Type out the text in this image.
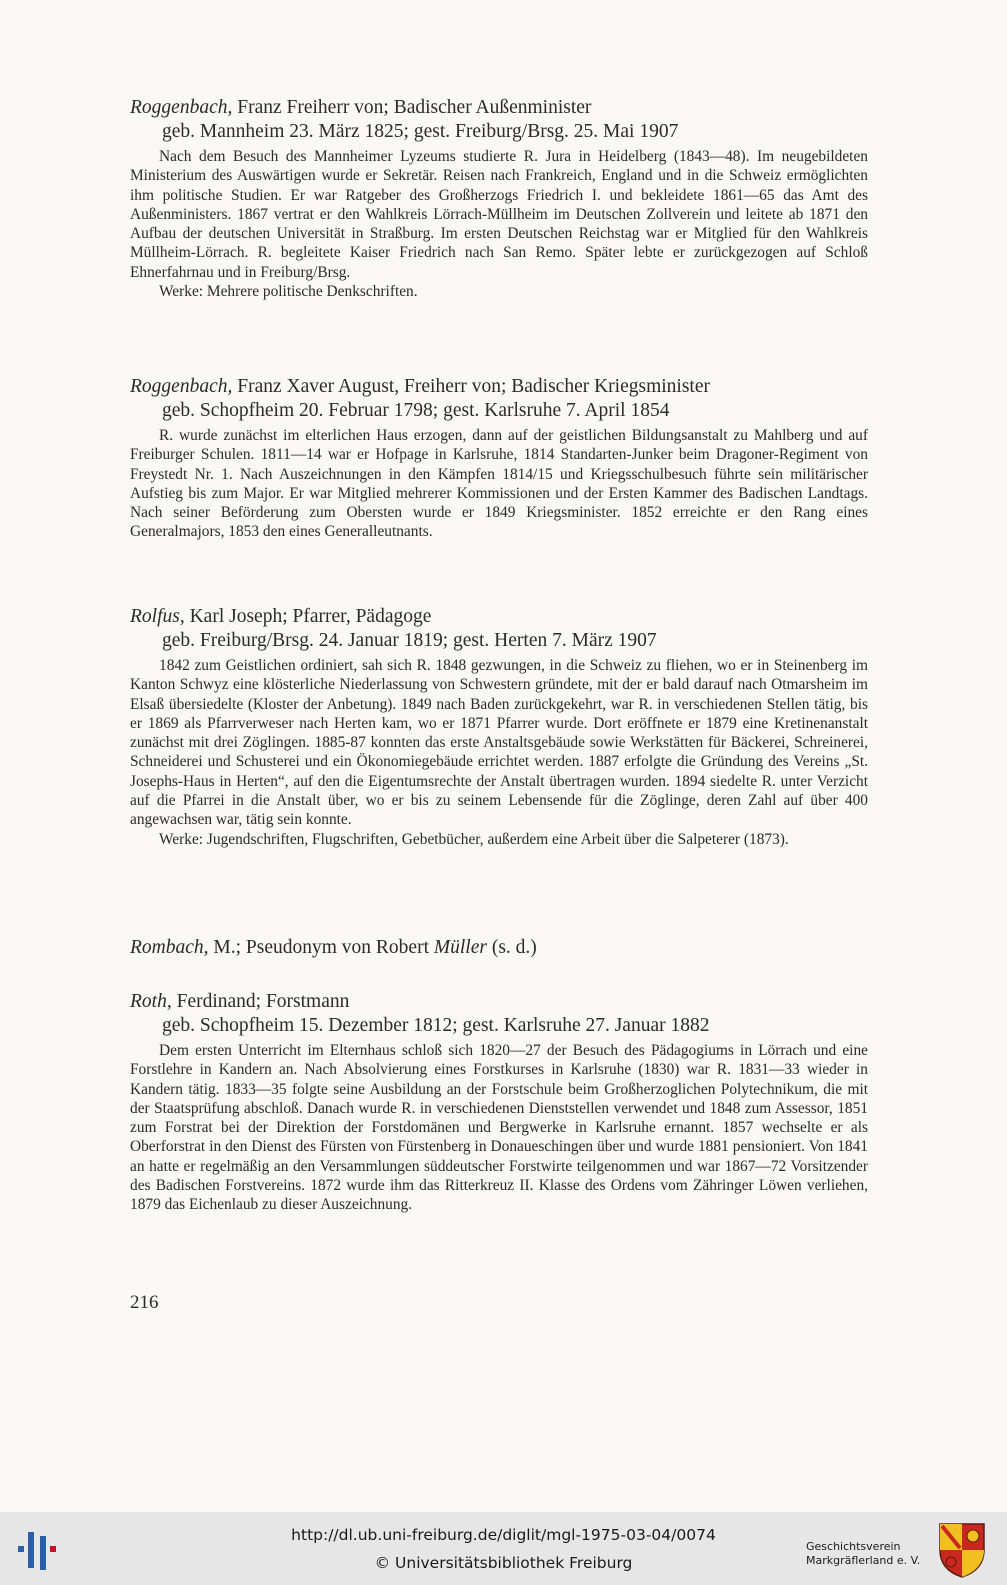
Roggenbach, Franz Freiherr von; Badischer Außenminister

geb. Mannheim 23. März 1825; gest. Freiburg/Brsg. 25. Mai 1907

Nach dem Besuch des Mannheimer Lyzeums studierte R. Jura in Heidelberg (1843—48). Im neugebildeten Ministerium des Auswärtigen wurde er Sekretär. Reisen nach Frankreich, England und in die Schweiz ermöglichten ihm politische Studien. Er war Ratgeber des Großherzogs Friedrich I. und bekleidete 1861—65 das Amt des Außenministers. 1867 vertrat er den Wahlkreis Lörrach-Müllheim im Deutschen Zollverein und leitete ab 1871 den Aufbau der deutschen Universität in Straßburg. Im ersten Deutschen Reichstag war er Mitglied für den Wahlkreis Müllheim-Lörrach. R. begleitete Kaiser Friedrich nach San Remo. Später lebte er zurückgezogen auf Schloß Ehnerfahrnau und in Freiburg/Brsg.

Werke: Mehrere politische Denkschriften.

Roggenbach, Franz Xaver August, Freiherr von; Badischer Kriegsminister

geb. Schopfheim 20. Februar 1798; gest. Karlsruhe 7. April 1854

R. wurde zunächst im elterlichen Haus erzogen, dann auf der geistlichen Bildungsanstalt zu Mahlberg und auf Freiburger Schulen. 1811—14 war er Hofpage in Karlsruhe, 1814 Standarten-Junker beim Dragoner-Regiment von Freystedt Nr. 1. Nach Auszeichnungen in den Kämpfen 1814/15 und Kriegsschulbesuch führte sein militärischer Aufstieg bis zum Major. Er war Mitglied mehrerer Kommissionen und der Ersten Kammer des Badischen Landtags. Nach seiner Beförderung zum Obersten wurde er 1849 Kriegsminister. 1852 erreichte er den Rang eines Generalmajors, 1853 den eines Generalleutnants.

Rolfus, Karl Joseph; Pfarrer, Pädagoge

geb. Freiburg/Brsg. 24. Januar 1819; gest. Herten 7. März 1907

1842 zum Geistlichen ordiniert, sah sich R. 1848 gezwungen, in die Schweiz zu fliehen, wo er in Steinenberg im Kanton Schwyz eine klösterliche Niederlassung von Schwestern gründete, mit der er bald darauf nach Otmarsheim im Elsaß übersiedelte (Kloster der Anbetung). 1849 nach Baden zurückgekehrt, war R. in verschiedenen Stellen tätig, bis er 1869 als Pfarrverweser nach Herten kam, wo er 1871 Pfarrer wurde. Dort eröffnete er 1879 eine Kretinenanstalt zunächst mit drei Zöglingen. 1885-87 konnten das erste Anstaltsgebäude sowie Werkstätten für Bäckerei, Schreinerei, Schneiderei und Schusterei und ein Ökonomiegebäude errichtet werden. 1887 erfolgte die Gründung des Vereins „St. Josephs-Haus in Herten“, auf den die Eigentumsrechte der Anstalt übertragen wurden. 1894 siedelte R. unter Verzicht auf die Pfarrei in die Anstalt über, wo er bis zu seinem Lebensende für die Zöglinge, deren Zahl auf über 400 angewachsen war, tätig sein konnte.

Werke: Jugendschriften, Flugschriften, Gebetbücher, außerdem eine Arbeit über die Salpeterer (1873).

Rombach, M.; Pseudonym von Robert Müller (s. d.)

Roth, Ferdinand; Forstmann

geb. Schopfheim 15. Dezember 1812; gest. Karlsruhe 27. Januar 1882

Dem ersten Unterricht im Elternhaus schloß sich 1820—27 der Besuch des Pädagogiums in Lörrach und eine Forstlehre in Kandern an. Nach Absolvierung eines Forstkurses in Karlsruhe (1830) war R. 1831—33 wieder in Kandern tätig. 1833—35 folgte seine Ausbildung an der Forstschule beim Großherzoglichen Polytechnikum, die mit der Staatsprüfung abschloß. Danach wurde R. in verschiedenen Dienststellen verwendet und 1848 zum Assessor, 1851 zum Forstrat bei der Direktion der Forstdomänen und Bergwerke in Karlsruhe ernannt. 1857 wechselte er als Oberforstrat in den Dienst des Fürsten von Fürstenberg in Donaueschingen über und wurde 1881 pensioniert. Von 1841 an hatte er regelmäßig an den Versammlungen süddeutscher Forstwirte teilgenommen und war 1867—72 Vorsitzender des Badischen Forstvereins. 1872 wurde ihm das Ritterkreuz II. Klasse des Ordens vom Zähringer Löwen verliehen, 1879 das Eichenlaub zu dieser Auszeichnung.

216
http://dl.ub.uni-freiburg.de/diglit/mgl-1975-03-04/0074
© Universitätsbibliothek Freiburg
Geschichtsverein
Markgräflerland e. V.
